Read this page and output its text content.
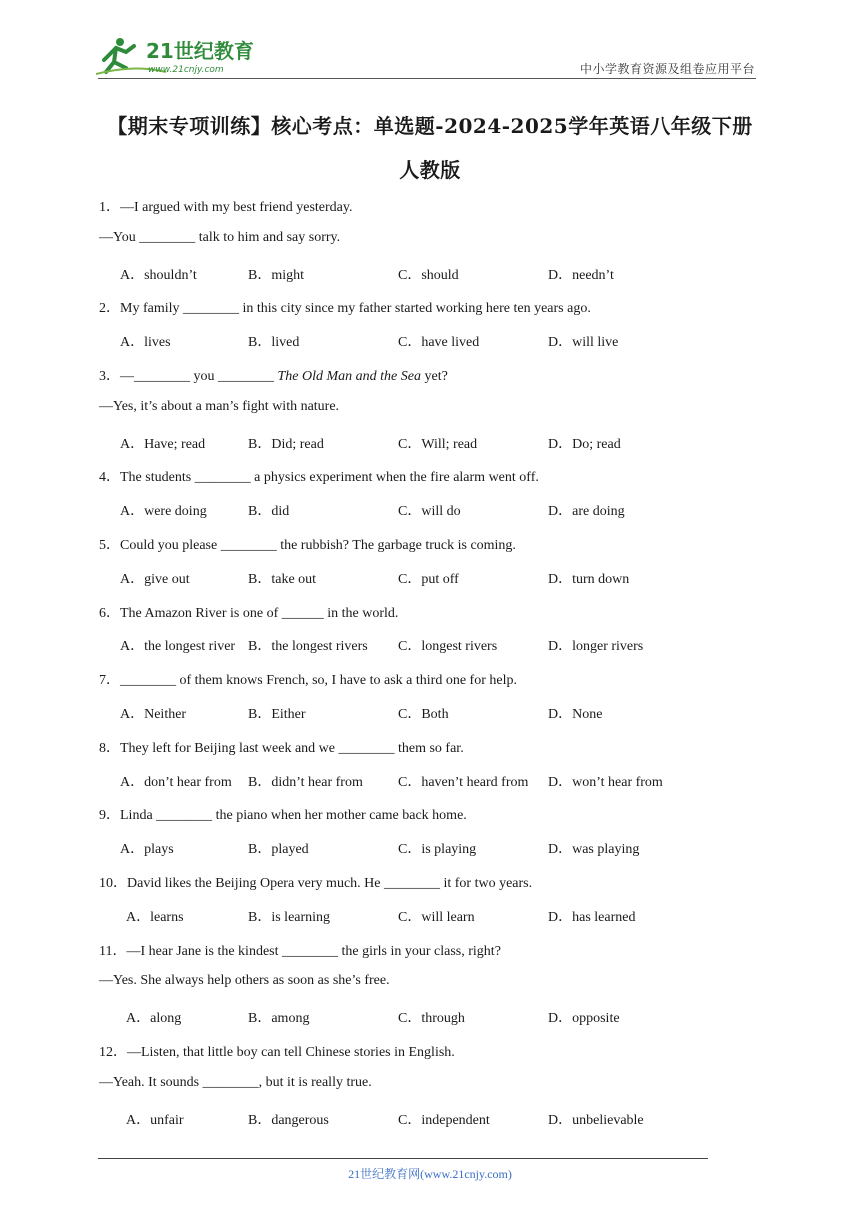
21世纪教育
www.21cnjy.com	中小学教育资源及组卷应用平台
【期末专项训练】核心考点：单选题-2024-2025学年英语八年级下册
人教版
1．—I argued with my best friend yesterday.
—You ________ talk to him and say sorry.
A．shouldn’t	B．might	C．should	D．needn’t
2．My family ________ in this city since my father started working here ten years ago.
A．lives	B．lived	C．have lived	D．will live
3．—________ you ________ The Old Man and the Sea yet?
—Yes, it’s about a man’s fight with nature.
A．Have; read	B．Did; read	C．Will; read	D．Do; read
4．The students ________ a physics experiment when the fire alarm went off.
A．were doing	B．did	C．will do	D．are doing
5．Could you please ________ the rubbish? The garbage truck is coming.
A．give out	B．take out	C．put off	D．turn down
6．The Amazon River is one of ______ in the world.
A．the longest river B．the longest rivers C．longest rivers	D．longer rivers
7．________ of them knows French, so, I have to ask a third one for help.
A．Neither	B．Either	C．Both	D．None
8．They left for Beijing last week and we ________ them so far.
A．don’t hear from B．didn’t hear from	C．haven’t heard from D．won’t hear from
9．Linda ________ the piano when her mother came back home.
A．plays	B．played	C．is playing	D．was playing
10．David likes the Beijing Opera very much. He ________ it for two years.
A．learns	B．is learning	C．will learn	D．has learned
11．—I hear Jane is the kindest ________ the girls in your class, right?
—Yes. She always help others as soon as she’s free.
A．along	B．among	C．through	D．opposite
12．—Listen, that little boy can tell Chinese stories in English.
—Yeah. It sounds ________, but it is really true.
A．unfair	B．dangerous	C．independent	D．unbelievable
21世纪教育网(www.21cnjy.com)
